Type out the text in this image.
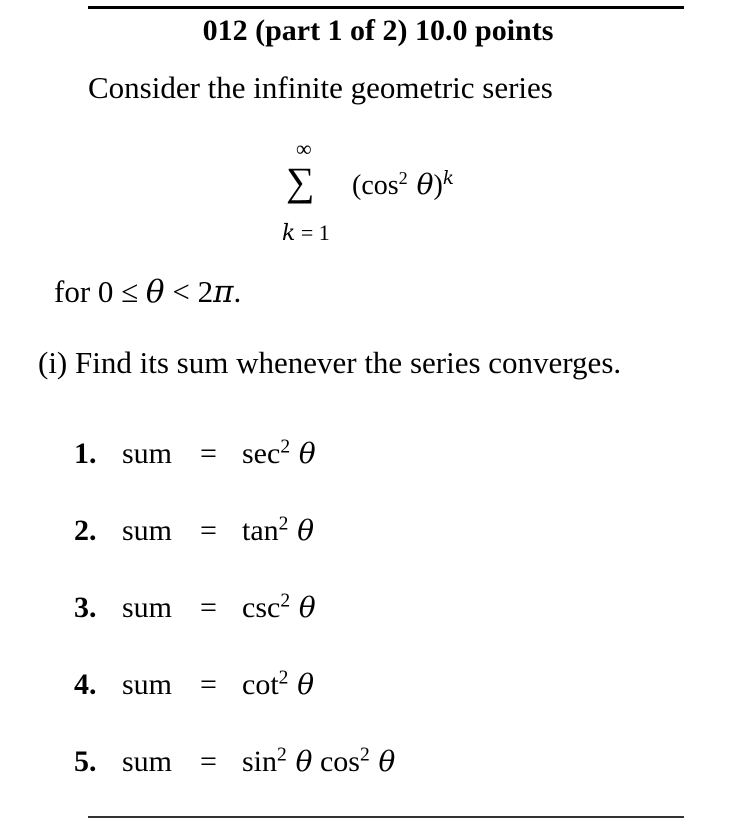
012 (part 1 of 2) 10.0 points
Consider the infinite geometric series
∞
∑
k = 1
($\cos^2$ θ)$^k$
for 0 ≤ θ < 2π.
(i) Find its sum whenever the series converges.
1. sum = $\sec^2 \theta$
2. sum = $\tan^2 \theta$
3. sum = $\csc^2 \theta$
4. sum = $\cot^2 \theta$
5. sum = $\sin^2 \theta$ $\cos^2 \theta$
